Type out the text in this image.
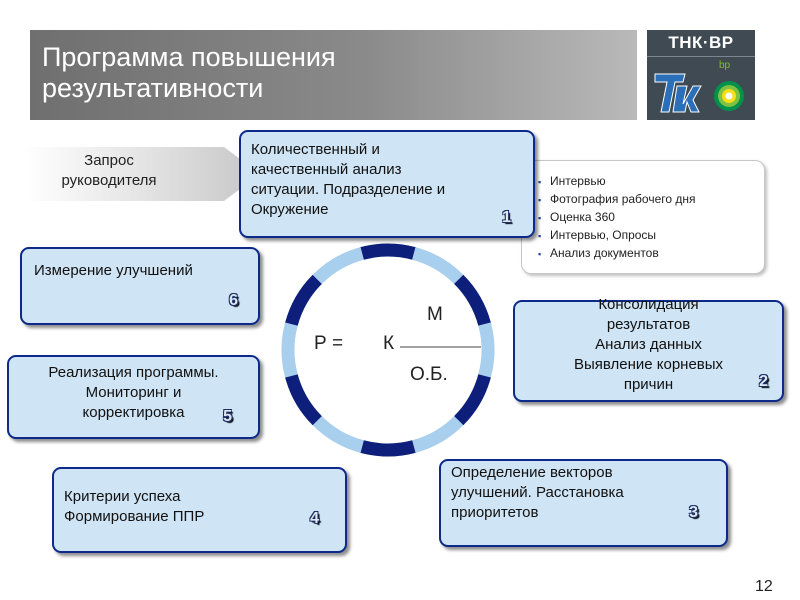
Программа повышения
результативности
ТНК·ВР
bp
Запрос
руководителя	▪ Интервью
▪ Фотография рабочего дня
▪ Оценка 360
▪ Интервью, Опросы
▪ Анализ документов
Р = К
М
О.Б.
Количественный и
качественный анализ
ситуации. Подразделение и
Окружение	1
Измерение улучшений
6	Консолидация
результатов
Анализ данных
Выявление корневых
причин	2
Реализация программы.
Мониторинг и
корректировка	5
Определение векторов
улучшений. Расстановка
приоритетов	3
Критерии успеха
Формирование ППР	4
12
